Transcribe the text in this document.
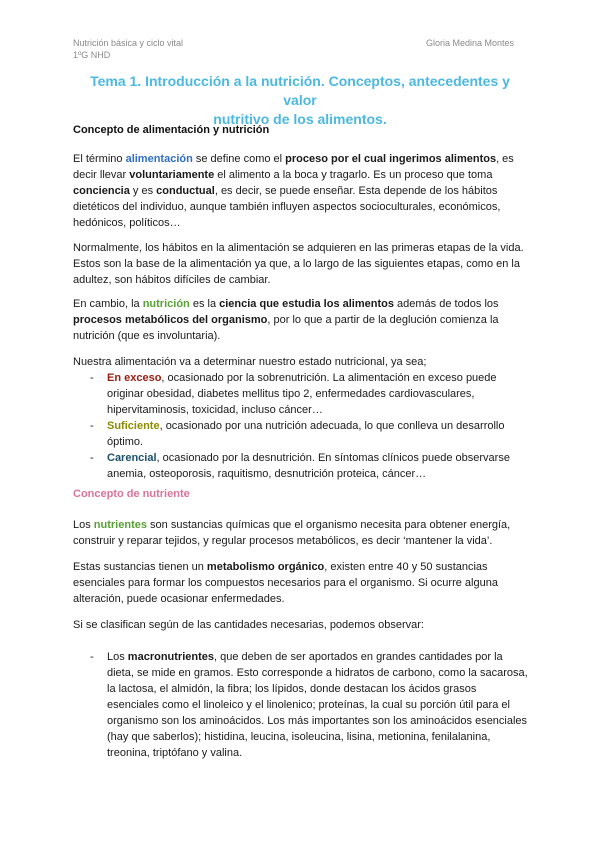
Nutrición básica y ciclo vital
1ºG NHD
Gloria Medina Montes
Tema 1. Introducción a la nutrición. Conceptos, antecedentes y valor
nutritivo de los alimentos.

Concepto de alimentación y nutrición

El término alimentación se define como el proceso por el cual ingerimos alimentos, es decir llevar voluntariamente el alimento a la boca y tragarlo. Es un proceso que toma conciencia y es conductual, es decir, se puede enseñar. Esta depende de los hábitos dietéticos del individuo, aunque también influyen aspectos socioculturales, económicos, hedónicos, políticos…

Normalmente, los hábitos en la alimentación se adquieren en las primeras etapas de la vida. Estos son la base de la alimentación ya que, a lo largo de las siguientes etapas, como en la adultez, son hábitos difíciles de cambiar.

En cambio, la nutrición es la ciencia que estudia los alimentos además de todos los procesos metabólicos del organismo, por lo que a partir de la deglución comienza la nutrición (que es involuntaria).

Nuestra alimentación va a determinar nuestro estado nutricional, ya sea;

- En exceso, ocasionado por la sobrenutrición. La alimentación en exceso puede originar obesidad, diabetes mellitus tipo 2, enfermedades cardiovasculares, hipervitaminosis, toxicidad, incluso cáncer…
- Suficiente, ocasionado por una nutrición adecuada, lo que conlleva un desarrollo óptimo.
- Carencial, ocasionado por la desnutrición. En síntomas clínicos puede observarse anemia, osteoporosis, raquitismo, desnutrición proteica, cáncer…

Concepto de nutriente

Los nutrientes son sustancias químicas que el organismo necesita para obtener energía, construir y reparar tejidos, y regular procesos metabólicos, es decir ‘mantener la vida’.

Estas sustancias tienen un metabolismo orgánico, existen entre 40 y 50 sustancias esenciales para formar los compuestos necesarios para el organismo. Si ocurre alguna alteración, puede ocasionar enfermedades.

Si se clasifican según de las cantidades necesarias, podemos observar:

- Los macronutrientes, que deben de ser aportados en grandes cantidades por la dieta, se mide en gramos. Esto corresponde a hidratos de carbono, como la sacarosa, la lactosa, el almidón, la fibra; los lípidos, donde destacan los ácidos grasos esenciales como el linoleico y el linolenico; proteínas, la cual su porción útil para el organismo son los aminoácidos. Los más importantes son los aminoácidos esenciales (hay que saberlos); histidina, leucina, isoleucina, lisina, metionina, fenilalanina, treonina, triptófano y valina.
